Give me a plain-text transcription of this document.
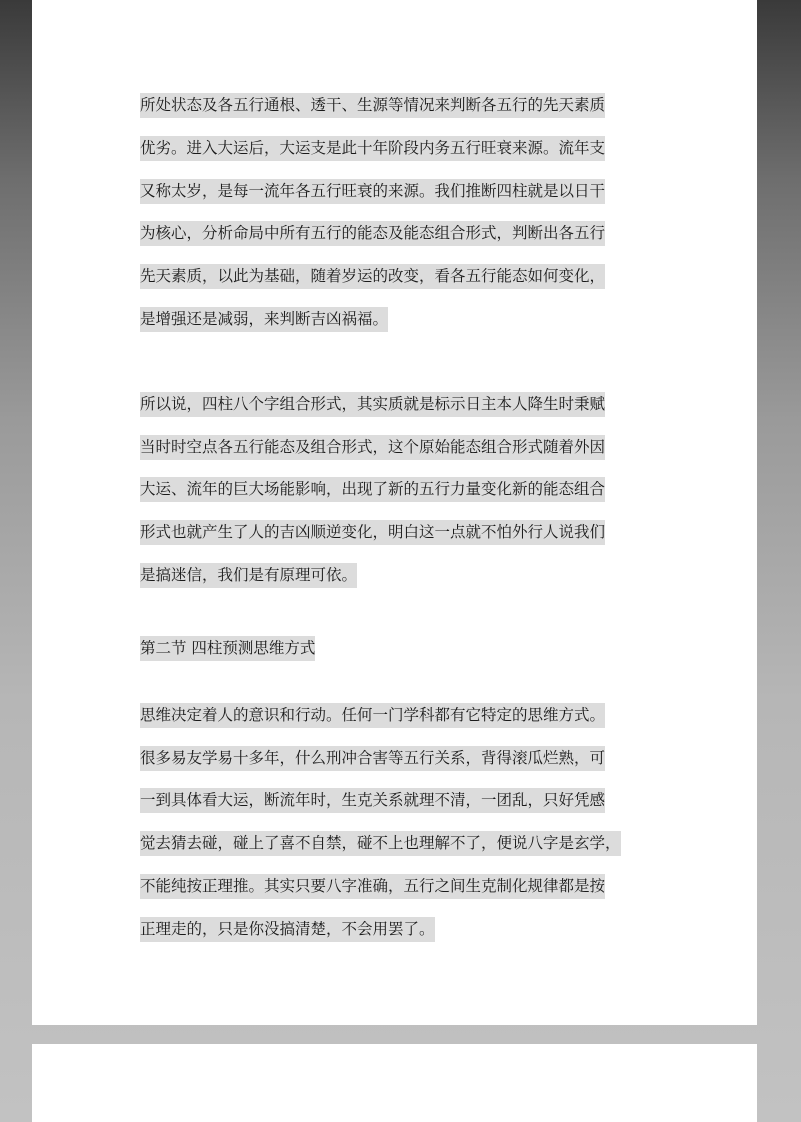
所处状态及各五行通根、透干、生源等情况来判断各五行的先天素质
优劣。进入大运后，大运支是此十年阶段内务五行旺衰来源。流年支
又称太岁，是每一流年各五行旺衰的来源。我们推断四柱就是以日干
为核心，分析命局中所有五行的能态及能态组合形式，判断出各五行
先天素质，以此为基础，随着岁运的改变，看各五行能态如何变化，
是增强还是减弱，来判断吉凶祸福。

所以说，四柱八个字组合形式，其实质就是标示日主本人降生时秉赋
当时时空点各五行能态及组合形式，这个原始能态组合形式随着外因
大运、流年的巨大场能影响，出现了新的五行力量变化新的能态组合
形式也就产生了人的吉凶顺逆变化，明白这一点就不怕外行人说我们
是搞迷信，我们是有原理可依。

第二节 四柱预测思维方式

思维决定着人的意识和行动。任何一门学科都有它特定的思维方式。
很多易友学易十多年，什么刑冲合害等五行关系，背得滚瓜烂熟，可
一到具体看大运，断流年时，生克关系就理不清，一团乱，只好凭感
觉去猜去碰，碰上了喜不自禁，碰不上也理解不了，便说八字是玄学，
不能纯按正理推。其实只要八字准确，五行之间生克制化规律都是按
正理走的，只是你没搞清楚，不会用罢了。
